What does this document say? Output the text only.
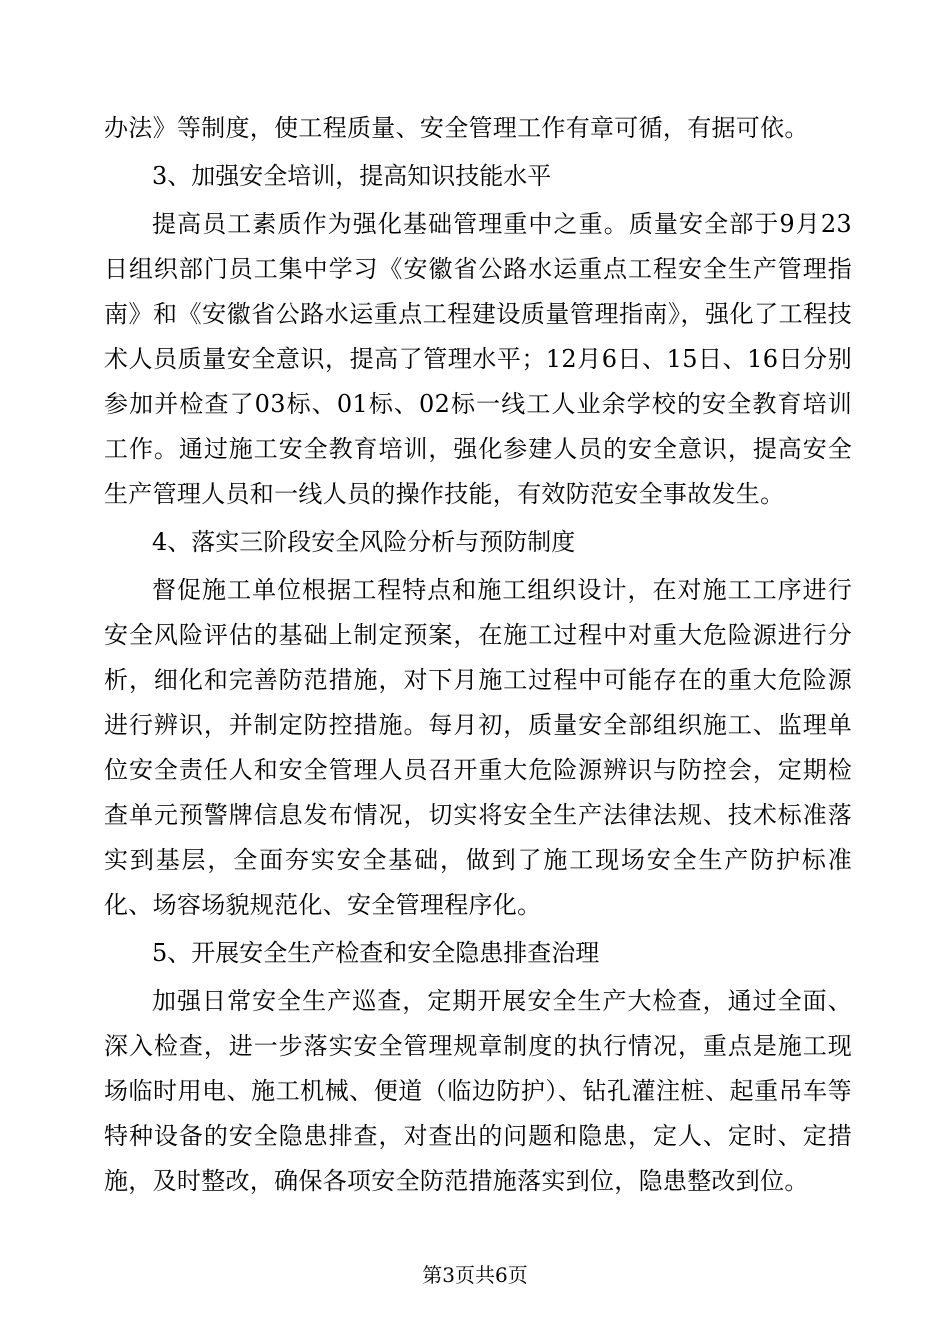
办法》等制度，使工程质量、安全管理工作有章可循，有据可依。

3、加强安全培训，提高知识技能水平

提高员工素质作为强化基础管理重中之重。质量安全部于9月23日组织部门员工集中学习《安徽省公路水运重点工程安全生产管理指南》和《安徽省公路水运重点工程建设质量管理指南》，强化了工程技术人员质量安全意识，提高了管理水平；12月6日、15日、16日分别参加并检查了03标、01标、02标一线工人业余学校的安全教育培训工作。通过施工安全教育培训，强化参建人员的安全意识，提高安全生产管理人员和一线人员的操作技能，有效防范安全事故发生。

4、落实三阶段安全风险分析与预防制度

督促施工单位根据工程特点和施工组织设计，在对施工工序进行安全风险评估的基础上制定预案，在施工过程中对重大危险源进行分析，细化和完善防范措施，对下月施工过程中可能存在的重大危险源进行辨识，并制定防控措施。每月初，质量安全部组织施工、监理单位安全责任人和安全管理人员召开重大危险源辨识与防控会，定期检查单元预警牌信息发布情况，切实将安全生产法律法规、技术标准落实到基层，全面夯实安全基础，做到了施工现场安全生产防护标准化、场容场貌规范化、安全管理程序化。

5、开展安全生产检查和安全隐患排查治理

加强日常安全生产巡查，定期开展安全生产大检查，通过全面、深入检查，进一步落实安全管理规章制度的执行情况，重点是施工现场临时用电、施工机械、便道（临边防护）、钻孔灌注桩、起重吊车等特种设备的安全隐患排查，对查出的问题和隐患，定人、定时、定措施，及时整改，确保各项安全防范措施落实到位，隐患整改到位。

第3页共6页
